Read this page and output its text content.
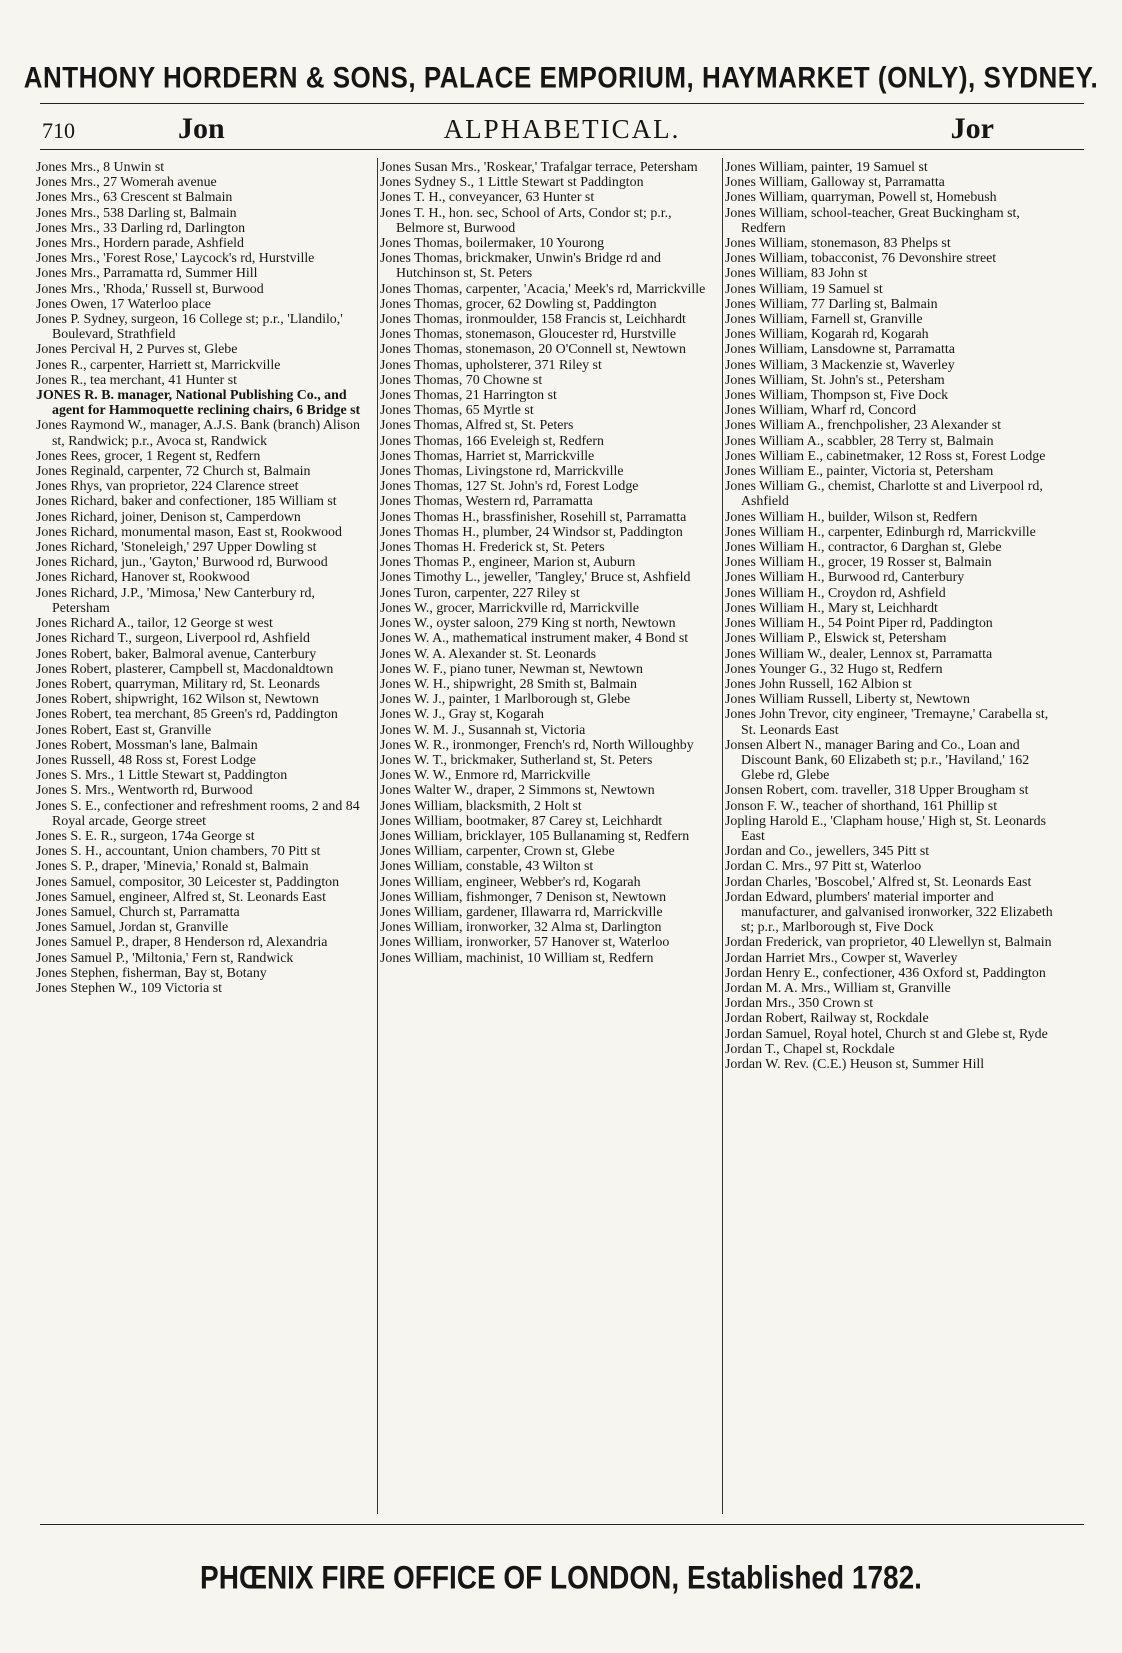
ANTHONY HORDERN & SONS, PALACE EMPORIUM, HAYMARKET (ONLY), SYDNEY.
710	Jon	ALPHABETICAL.	Jor
Jones Mrs., 8 Unwin st
Jones Mrs., 27 Womerah avenue
Jones Mrs., 63 Crescent st Balmain
Jones Mrs., 538 Darling st, Balmain
Jones Mrs., 33 Darling rd, Darlington
Jones Mrs., Hordern parade, Ashfield
Jones Mrs., 'Forest Rose,' Laycock's rd, Hurstville
Jones Mrs., Parramatta rd, Summer Hill
Jones Mrs., 'Rhoda,' Russell st, Burwood
Jones Owen, 17 Waterloo place
Jones P. Sydney, surgeon, 16 College st; p.r., 'Llandilo,' Boulevard, Strathfield
Jones Percival H, 2 Purves st, Glebe
Jones R., carpenter, Harriett st, Marrickville
Jones R., tea merchant, 41 Hunter st
JONES R. B. manager, National Publishing Co., and agent for Hammoquette reclining chairs, 6 Bridge st
Jones Raymond W., manager, A.J.S. Bank (branch) Alison st, Randwick; p.r., Avoca st, Randwick
Jones Rees, grocer, 1 Regent st, Redfern
Jones Reginald, carpenter, 72 Church st, Balmain
Jones Rhys, van proprietor, 224 Clarence street
Jones Richard, baker and confectioner, 185 William st
Jones Richard, joiner, Denison st, Camperdown
Jones Richard, monumental mason, East st, Rookwood
Jones Richard, 'Stoneleigh,' 297 Upper Dowling st
Jones Richard, jun., 'Gayton,' Burwood rd, Burwood
Jones Richard, Hanover st, Rookwood
Jones Richard, J.P., 'Mimosa,' New Canterbury rd, Petersham
Jones Richard A., tailor, 12 George st west
Jones Richard T., surgeon, Liverpool rd, Ashfield
Jones Robert, baker, Balmoral avenue, Canterbury
Jones Robert, plasterer, Campbell st, Macdonaldtown
Jones Robert, quarryman, Military rd, St. Leonards
Jones Robert, shipwright, 162 Wilson st, Newtown
Jones Robert, tea merchant, 85 Green's rd, Paddington
Jones Robert, East st, Granville
Jones Robert, Mossman's lane, Balmain
Jones Russell, 48 Ross st, Forest Lodge
Jones S. Mrs., 1 Little Stewart st, Paddington
Jones S. Mrs., Wentworth rd, Burwood
Jones S. E., confectioner and refreshment rooms, 2 and 84 Royal arcade, George street
Jones S. E. R., surgeon, 174a George st
Jones S. H., accountant, Union chambers, 70 Pitt st
Jones S. P., draper, 'Minevia,' Ronald st, Balmain
Jones Samuel, compositor, 30 Leicester st, Paddington
Jones Samuel, engineer, Alfred st, St. Leonards East
Jones Samuel, Church st, Parramatta
Jones Samuel, Jordan st, Granville
Jones Samuel P., draper, 8 Henderson rd, Alexandria
Jones Samuel P., 'Miltonia,' Fern st, Randwick
Jones Stephen, fisherman, Bay st, Botany
Jones Stephen W., 109 Victoria st
Jones Susan Mrs., 'Roskear,' Trafalgar terrace, Petersham
Jones Sydney S., 1 Little Stewart st Paddington
Jones T. H., conveyancer, 63 Hunter st
Jones T. H., hon. sec, School of Arts, Condor st; p.r., Belmore st, Burwood
Jones Thomas, boilermaker, 10 Yourong
Jones Thomas, brickmaker, Unwin's Bridge rd and Hutchinson st, St. Peters
Jones Thomas, carpenter, 'Acacia,' Meek's rd, Marrickville
Jones Thomas, grocer, 62 Dowling st, Paddington
Jones Thomas, ironmoulder, 158 Francis st, Leichhardt
Jones Thomas, stonemason, Gloucester rd, Hurstville
Jones Thomas, stonemason, 20 O'Connell st, Newtown
Jones Thomas, upholsterer, 371 Riley st
Jones Thomas, 70 Chowne st
Jones Thomas, 21 Harrington st
Jones Thomas, 65 Myrtle st
Jones Thomas, Alfred st, St. Peters
Jones Thomas, 166 Eveleigh st, Redfern
Jones Thomas, Harriet st, Marrickville
Jones Thomas, Livingstone rd, Marrickville
Jones Thomas, 127 St. John's rd, Forest Lodge
Jones Thomas, Western rd, Parramatta
Jones Thomas H., brassfinisher, Rosehill st, Parramatta
Jones Thomas H., plumber, 24 Windsor st, Paddington
Jones Thomas H. Frederick st, St. Peters
Jones Thomas P., engineer, Marion st, Auburn
Jones Timothy L., jeweller, 'Tangley,' Bruce st, Ashfield
Jones Turon, carpenter, 227 Riley st
Jones W., grocer, Marrickville rd, Marrickville
Jones W., oyster saloon, 279 King st north, Newtown
Jones W. A., mathematical instrument maker, 4 Bond st
Jones W. A. Alexander st. St. Leonards
Jones W. F., piano tuner, Newman st, Newtown
Jones W. H., shipwright, 28 Smith st, Balmain
Jones W. J., painter, 1 Marlborough st, Glebe
Jones W. J., Gray st, Kogarah
Jones W. M. J., Susannah st, Victoria
Jones W. R., ironmonger, French's rd, North Willoughby
Jones W. T., brickmaker, Sutherland st, St. Peters
Jones W. W., Enmore rd, Marrickville
Jones Walter W., draper, 2 Simmons st, Newtown
Jones William, blacksmith, 2 Holt st
Jones William, bootmaker, 87 Carey st, Leichhardt
Jones William, bricklayer, 105 Bullanaming st, Redfern
Jones William, carpenter, Crown st, Glebe
Jones William, constable, 43 Wilton st
Jones William, engineer, Webber's rd, Kogarah
Jones William, fishmonger, 7 Denison st, Newtown
Jones William, gardener, Illawarra rd, Marrickville
Jones William, ironworker, 32 Alma st, Darlington
Jones William, ironworker, 57 Hanover st, Waterloo
Jones William, machinist, 10 William st, Redfern
Jones William, painter, 19 Samuel st
Jones William, Galloway st, Parramatta
Jones William, quarryman, Powell st, Homebush
Jones William, school-teacher, Great Buckingham st, Redfern
Jones William, stonemason, 83 Phelps st
Jones William, tobacconist, 76 Devonshire street
Jones William, 83 John st
Jones William, 19 Samuel st
Jones William, 77 Darling st, Balmain
Jones William, Farnell st, Granville
Jones William, Kogarah rd, Kogarah
Jones William, Lansdowne st, Parramatta
Jones William, 3 Mackenzie st, Waverley
Jones William, St. John's st., Petersham
Jones William, Thompson st, Five Dock
Jones William, Wharf rd, Concord
Jones William A., frenchpolisher, 23 Alexander st
Jones William A., scabbler, 28 Terry st, Balmain
Jones William E., cabinetmaker, 12 Ross st, Forest Lodge
Jones William E., painter, Victoria st, Petersham
Jones William G., chemist, Charlotte st and Liverpool rd, Ashfield
Jones William H., builder, Wilson st, Redfern
Jones William H., carpenter, Edinburgh rd, Marrickville
Jones William H., contractor, 6 Darghan st, Glebe
Jones William H., grocer, 19 Rosser st, Balmain
Jones William H., Burwood rd, Canterbury
Jones William H., Croydon rd, Ashfield
Jones William H., Mary st, Leichhardt
Jones William H., 54 Point Piper rd, Paddington
Jones William P., Elswick st, Petersham
Jones William W., dealer, Lennox st, Parramatta
Jones Younger G., 32 Hugo st, Redfern
Jones John Russell, 162 Albion st
Jones William Russell, Liberty st, Newtown
Jones John Trevor, city engineer, 'Tremayne,' Carabella st, St. Leonards East
Jonsen Albert N., manager Baring and Co., Loan and Discount Bank, 60 Elizabeth st; p.r., 'Haviland,' 162 Glebe rd, Glebe
Jonsen Robert, com. traveller, 318 Upper Brougham st
Jonson F. W., teacher of shorthand, 161 Phillip st
Jopling Harold E., 'Clapham house,' High st, St. Leonards East
Jordan and Co., jewellers, 345 Pitt st
Jordan C. Mrs., 97 Pitt st, Waterloo
Jordan Charles, 'Boscobel,' Alfred st, St. Leonards East
Jordan Edward, plumbers' material importer and manufacturer, and galvanised ironworker, 322 Elizabeth st; p.r., Marlborough st, Five Dock
Jordan Frederick, van proprietor, 40 Llewellyn st, Balmain
Jordan Harriet Mrs., Cowper st, Waverley
Jordan Henry E., confectioner, 436 Oxford st, Paddington
Jordan M. A. Mrs., William st, Granville
Jordan Mrs., 350 Crown st
Jordan Robert, Railway st, Rockdale
Jordan Samuel, Royal hotel, Church st and Glebe st, Ryde
Jordan T., Chapel st, Rockdale
Jordan W. Rev. (C.E.) Heuson st, Summer Hill
PHŒNIX FIRE OFFICE OF LONDON, Established 1782.
